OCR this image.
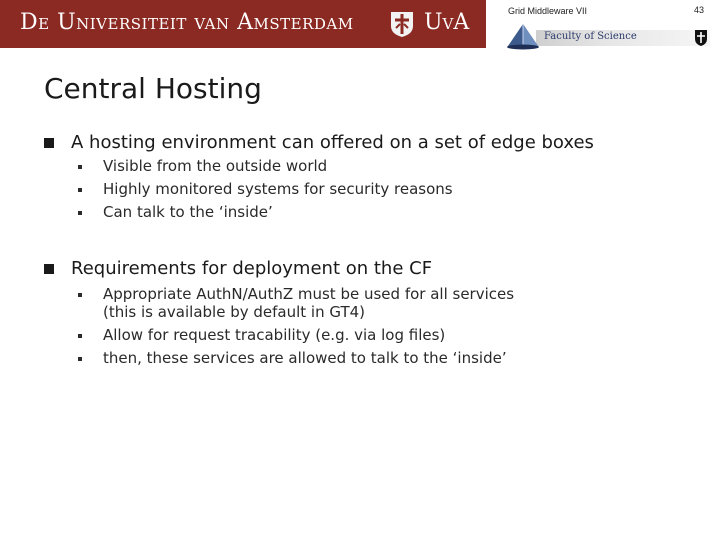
De Universiteit van Amsterdam	UvA	Grid Middleware VII	43
Faculty of Science
Central Hosting
A hosting environment can offered on a set of edge boxes
Visible from the outside world
Highly monitored systems for security reasons
Can talk to the ‘inside’
Requirements for deployment on the CF
Appropriate AuthN/AuthZ must be used for all services
(this is available by default in GT4)
Allow for request tracability (e.g. via log files)
then, these services are allowed to talk to the ‘inside’
